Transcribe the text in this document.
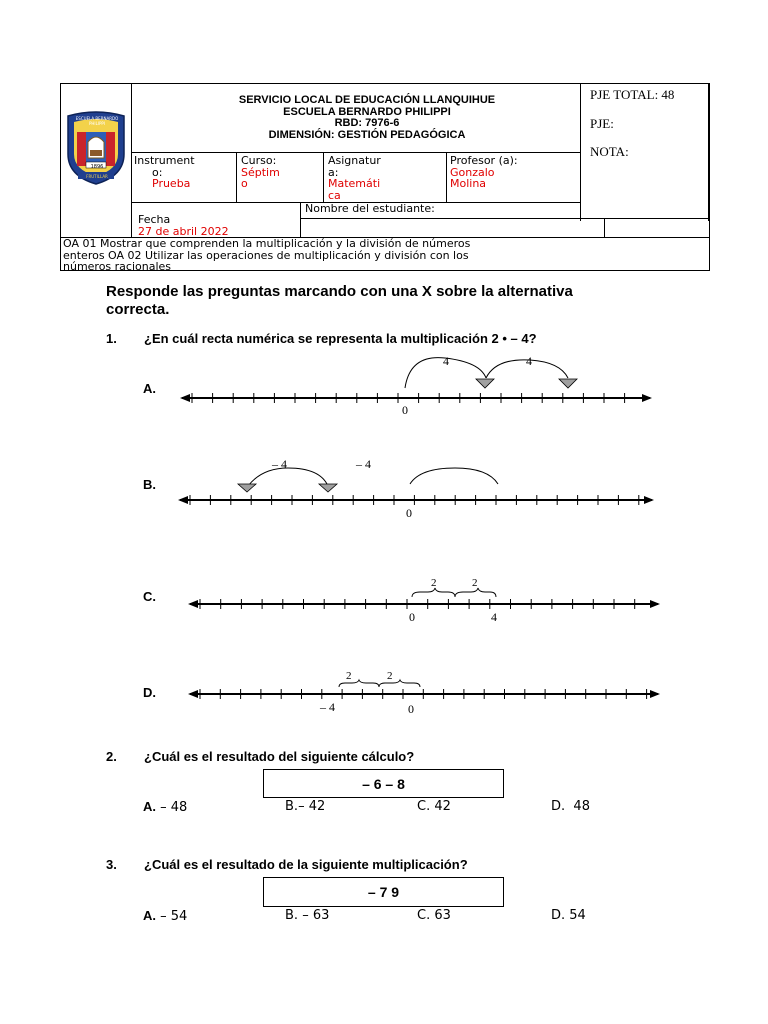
ESCUELA BERNARDO PHILIPPI
1896
FRUTILLAR
SERVICIO LOCAL DE EDUCACIÓN LLANQUIHUE
ESCUELA BERNARDO PHILIPPI
RBD: 7976-6
DIMENSIÓN: GESTIÓN PEDAGÓGICA
PJE TOTAL: 48
PJE:
NOTA:
Instrument
o:
Prueba
Curso:
Séptim
o
Asignatur
a:
Matemáti
ca
Profesor (a):
Gonzalo
Molina
Fecha
27 de abril 2022
Nombre del estudiante:
OA 01 Mostrar que comprenden la multiplicación y la división de números
enteros OA 02 Utilizar las operaciones de multiplicación y división con los
números racionales
Responde las preguntas marcando con una X sobre la alternativa
correcta.
1. ¿En cuál recta numérica se representa la multiplicación 2 • – 4?
A.
B.
C.
D.
4	4
0
– 4	– 4
0
2	2
0	4
2	2
– 4	0
2. ¿Cuál es el resultado del siguiente cálculo?
– 6 – 8
A. – 48	B.– 42	C. 42	D.  48
3. ¿Cuál es el resultado de la siguiente multiplicación?
– 7 9
A. – 54	B. – 63	C. 63	D. 54
